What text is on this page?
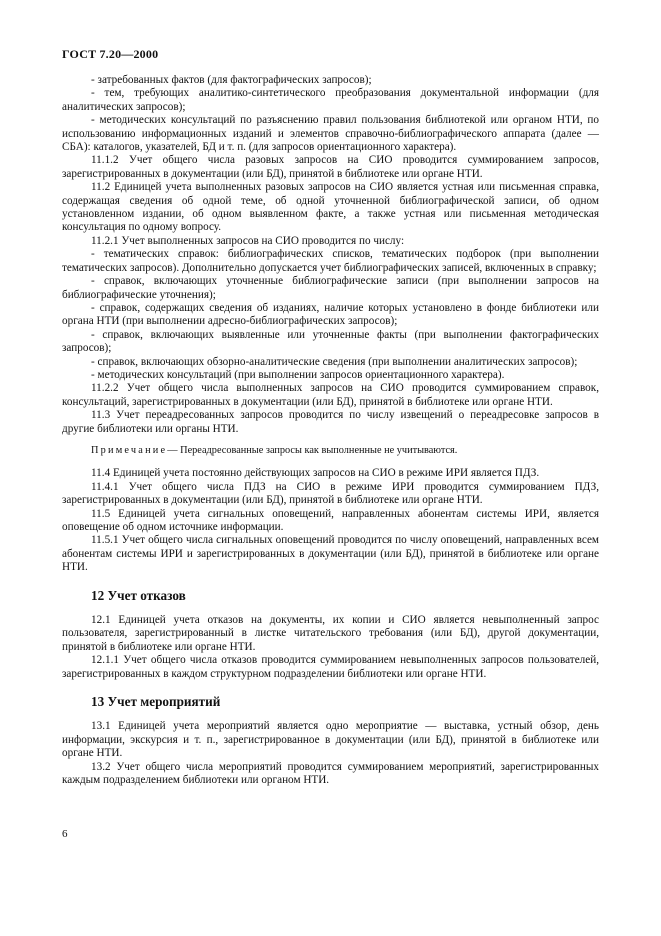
ГОСТ 7.20—2000

- затребованных фактов (для фактографических запросов);

- тем, требующих аналитико-синтетического преобразования документальной информации (для аналитических запросов);

- методических консультаций по разъяснению правил пользования библиотекой или органом НТИ, по использованию информационных изданий и элементов справочно-библиографического аппарата (далее — СБА): каталогов, указателей, БД и т. п. (для запросов ориентационного характера).

11.1.2 Учет общего числа разовых запросов на СИО проводится суммированием запросов, зарегистрированных в документации (или БД), принятой в библиотеке или органе НТИ.

11.2 Единицей учета выполненных разовых запросов на СИО является устная или письменная справка, содержащая сведения об одной теме, об одной уточненной библиографической записи, об одном установленном издании, об одном выявленном факте, а также устная или письменная методическая консультация по одному вопросу.

11.2.1 Учет выполненных запросов на СИО проводится по числу:

- тематических справок: библиографических списков, тематических подборок (при выполнении тематических запросов). Дополнительно допускается учет библиографических записей, включенных в справку;

- справок, включающих уточненные библиографические записи (при выполнении запросов на библиографические уточнения);

- справок, содержащих сведения об изданиях, наличие которых установлено в фонде библиотеки или органа НТИ (при выполнении адресно-библиографических запросов);

- справок, включающих выявленные или уточненные факты (при выполнении фактографических запросов);

- справок, включающих обзорно-аналитические сведения (при выполнении аналитических запросов);

- методических консультаций (при выполнении запросов ориентационного характера).

11.2.2 Учет общего числа выполненных запросов на СИО проводится суммированием справок, консультаций, зарегистрированных в документации (или БД), принятой в библиотеке или органе НТИ.

11.3 Учет переадресованных запросов проводится по числу извещений о переадресовке запросов в другие библиотеки или органы НТИ.

Примечание— Переадресованные запросы как выполненные не учитываются.

11.4 Единицей учета постоянно действующих запросов на СИО в режиме ИРИ является ПДЗ.

11.4.1 Учет общего числа ПДЗ на СИО в режиме ИРИ проводится суммированием ПДЗ, зарегистрированных в документации (или БД), принятой в библиотеке или органе НТИ.

11.5 Единицей учета сигнальных оповещений, направленных абонентам системы ИРИ, является оповещение об одном источнике информации.

11.5.1 Учет общего числа сигнальных оповещений проводится по числу оповещений, направленных всем абонентам системы ИРИ и зарегистрированных в документации (или БД), принятой в библиотеке или органе НТИ.

12 Учет отказов

12.1 Единицей учета отказов на документы, их копии и СИО является невыполненный запрос пользователя, зарегистрированный в листке читательского требования (или БД), другой документации, принятой в библиотеке или органе НТИ.

12.1.1 Учет общего числа отказов проводится суммированием невыполненных запросов пользователей, зарегистрированных в каждом структурном подразделении библиотеки или органе НТИ.

13 Учет мероприятий

13.1 Единицей учета мероприятий является одно мероприятие — выставка, устный обзор, день информации, экскурсия и т. п., зарегистрированное в документации (или БД), принятой в библиотеке или органе НТИ.

13.2 Учет общего числа мероприятий проводится суммированием мероприятий, зарегистрированных каждым подразделением библиотеки или органом НТИ.

6
